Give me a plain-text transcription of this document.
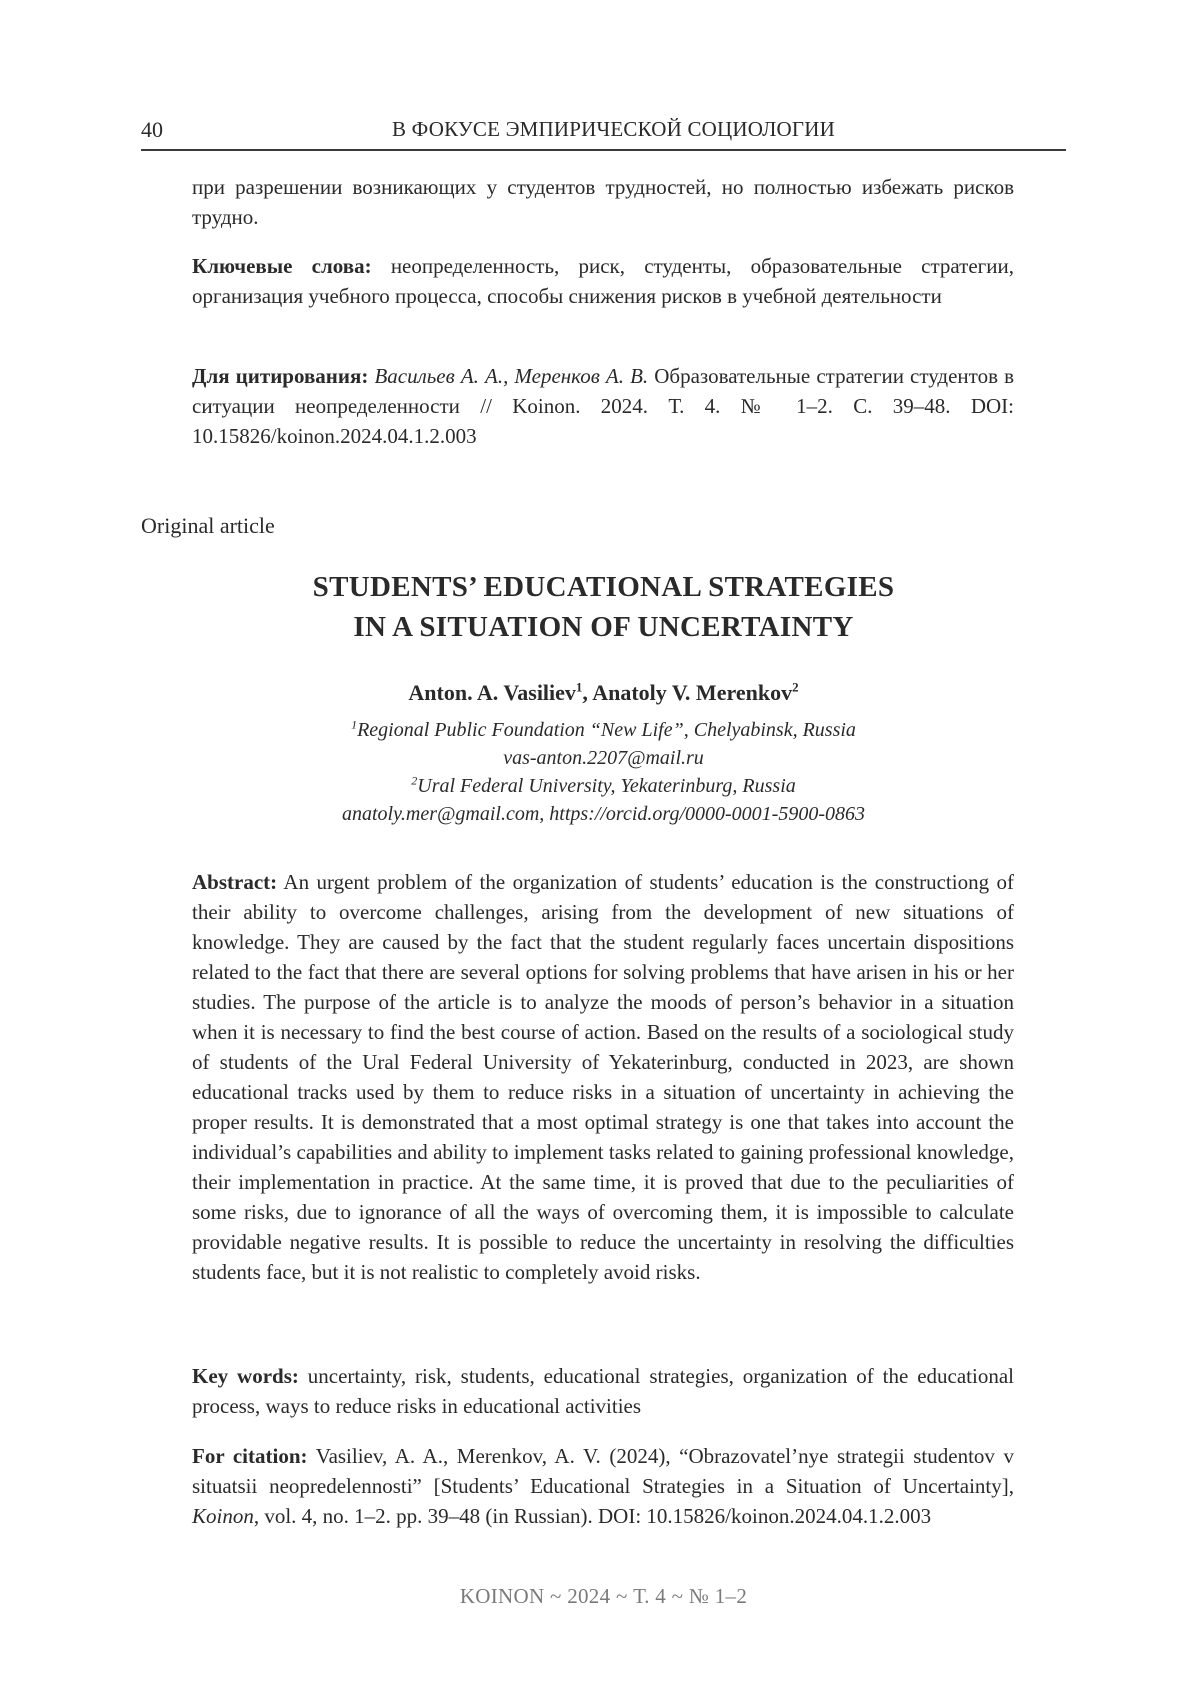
40	В ФОКУСЕ ЭМПИРИЧЕСКОЙ СОЦИОЛОГИИ

при разрешении возникающих у студентов трудностей, но полностью избежать рисков трудно.

Ключевые слова: неопределенность, риск, студенты, образовательные стратегии, организация учебного процесса, способы снижения рисков в учебной деятельности

Для цитирования: Васильев А. А., Меренков А. В. Образовательные стратегии студентов в ситуации неопределенности // Koinon. 2024. Т. 4. № 1–2. С. 39–48. DOI: 10.15826/koinon.2024.04.1.2.003

Original article
STUDENTS’ EDUCATIONAL STRATEGIES
IN A SITUATION OF UNCERTAINTY
Anton. A. Vasiliev$^1$, Anatoly V. Merenkov$^2$
$^1$Regional Public Foundation “New Life”, Chelyabinsk, Russia
vas-anton.2207@mail.ru
$^2$Ural Federal University, Yekaterinburg, Russia
anatoly.mer@gmail.com, https://orcid.org/0000-0001-5900-0863

Abstract: An urgent problem of the organization of students’ education is the constructiong of their ability to overcome challenges, arising from the development of new situations of knowledge. They are caused by the fact that the student regularly faces uncertain dispositions related to the fact that there are several options for solving problems that have arisen in his or her studies. The purpose of the article is to analyze the moods of person’s behavior in a situation when it is necessary to find the best course of action. Based on the results of a sociological study of students of the Ural Federal University of Yekaterinburg, conducted in 2023, are shown educational tracks used by them to reduce risks in a situation of uncertainty in achieving the proper results. It is demonstrated that a most optimal strategy is one that takes into account the individual’s capabilities and ability to implement tasks related to gaining professional knowledge, their implementation in practice. At the same time, it is proved that due to the peculiarities of some risks, due to ignorance of all the ways of overcoming them, it is impossible to calculate providable negative results. It is possible to reduce the uncertainty in resolving the difficulties students face, but it is not realistic to completely avoid risks.

Key words: uncertainty, risk, students, educational strategies, organization of the educational process, ways to reduce risks in educational activities

For citation: Vasiliev, A. A., Merenkov, A. V. (2024), “Obrazovatel’nye strategii studentov v situatsii neopredelennosti” [Students’ Educational Strategies in a Situation of Uncertainty], Koinon, vol. 4, no. 1–2. pp. 39–48 (in Russian). DOI: 10.15826/koinon.2024.04.1.2.003

KOINON ~ 2024 ~ Т. 4 ~ № 1–2
